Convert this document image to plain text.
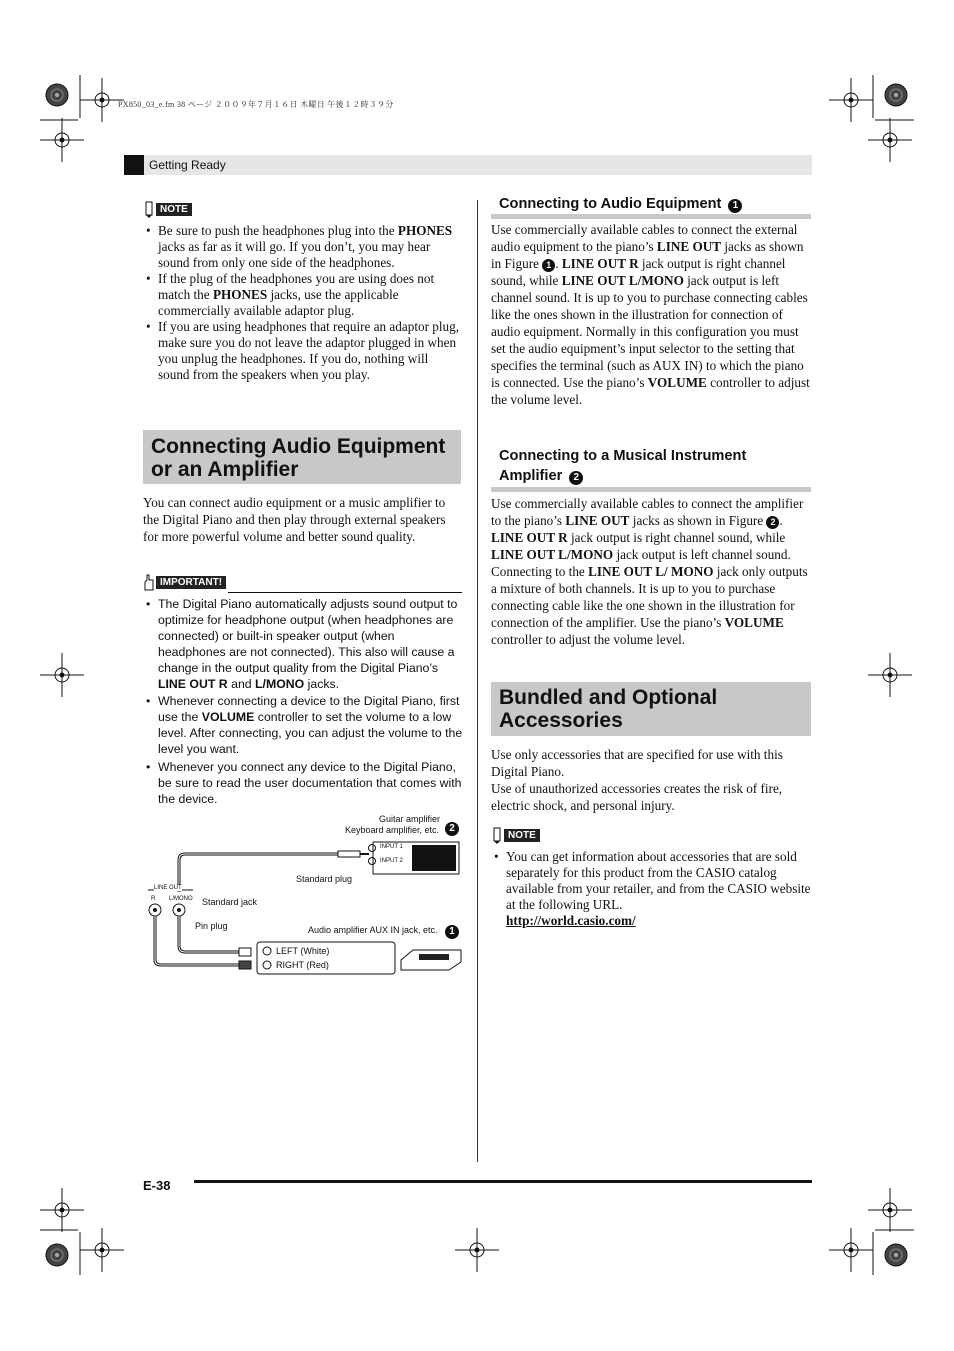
PX850_03_e.fm 38 ページ ２００９年７月１６日 木曜日 午後１２時３９分
Getting Ready
NOTE
• Be sure to push the headphones plug into the PHONES jacks as far as it will go. If you don’t, you may hear sound from only one side of the headphones.
• If the plug of the headphones you are using does not match the PHONES jacks, use the applicable commercially available adaptor plug.
• If you are using headphones that require an adaptor plug, make sure you do not leave the adaptor plugged in when you unplug the headphones. If you do, nothing will sound from the speakers when you play.
Connecting Audio Equipment
or an Amplifier
You can connect audio equipment or a music amplifier to the Digital Piano and then play through external speakers for more powerful volume and better sound quality.
IMPORTANT!
• The Digital Piano automatically adjusts sound output to optimize for headphone output (when headphones are connected) or built-in speaker output (when headphones are not connected). This also will cause a change in the output quality from the Digital Piano’s LINE OUT R and L/MONO jacks.
• Whenever connecting a device to the Digital Piano, first use the VOLUME controller to set the volume to a low level. After connecting, you can adjust the volume to the level you want.
• Whenever you connect any device to the Digital Piano, be sure to read the user documentation that comes with the device.
Guitar amplifier
Keyboard amplifier, etc.	2
INPUT 1
INPUT 2
Standard plug
LINE OUT
R L/MONO Standard jack
Pin plug	Audio amplifier AUX IN jack, etc.	1
LEFT (White)
RIGHT (Red)
Connecting to Audio Equipment 1
Use commercially available cables to connect the external audio equipment to the piano’s LINE OUT jacks as shown in Figure 1 . LINE OUT R jack output is right channel sound, while LINE OUT L/MONO jack output is left channel sound. It is up to you to purchase connecting cables like the ones shown in the illustration for connection of audio equipment. Normally in this configuration you must set the audio equipment’s input selector to the setting that specifies the terminal (such as AUX IN) to which the piano is connected. Use the piano’s VOLUME controller to adjust the volume level.
Connecting to a Musical Instrument
Amplifier 2
Use commercially available cables to connect the amplifier to the piano’s LINE OUT jacks as shown in Figure 2 . LINE OUT R jack output is right channel sound, while LINE OUT L/MONO jack output is left channel sound. Connecting to the LINE OUT L/ MONO jack only outputs a mixture of both channels. It is up to you to purchase connecting cable like the one shown in the illustration for connection of the amplifier. Use the piano’s VOLUME controller to adjust the volume level.
Bundled and Optional
Accessories
Use only accessories that are specified for use with this Digital Piano.
Use of unauthorized accessories creates the risk of fire, electric shock, and personal injury.
NOTE
• You can get information about accessories that are sold separately for this product from the CASIO catalog available from your retailer, and from the CASIO website at the following URL.
http://world.casio.com/
E-38
